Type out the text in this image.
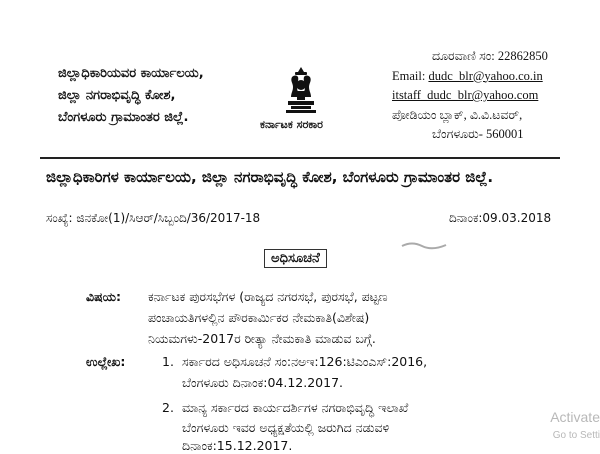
ಜಿಲ್ಲಾಧಿಕಾರಿಯವರ ಕಾರ್ಯಾಲಯ,
ಜಿಲ್ಲಾ ನಗರಾಭಿವೃದ್ಧಿ ಕೋಶ,
ಬೆಂಗಳೂರು ಗ್ರಾಮಾಂತರ ಜಿಲ್ಲೆ.	ಕರ್ನಾಟಕ ಸರಕಾರ
ದೂರವಾಣಿ ಸಂ: 22862850
Email: dudc_blr@yahoo.co.in
itstaff_dudc_blr@yahoo.com
ಪೋಡಿಯಂ ಬ್ಲಾಕ್, ವಿ.ವಿ.ಟವರ್,
ಬೆಂಗಳೂರು- 560001
ಜಿಲ್ಲಾಧಿಕಾರಿಗಳ ಕಾರ್ಯಾಲಯ, ಜಿಲ್ಲಾ ನಗರಾಭಿವೃದ್ಧಿ ಕೋಶ, ಬೆಂಗಳೂರು ಗ್ರಾಮಾಂತರ ಜಿಲ್ಲೆ.
ಸಂಖ್ಯೆ: ಜಿನಕೋ(1)/ಸಿಆರ್/ಸಿಬ್ಬಂದಿ/36/2017-18	ದಿನಾಂಕ:09.03.2018
ಅಧಿಸೂಚನೆ
ವಿಷಯ: ಕರ್ನಾಟಕ ಪುರಸಭೆಗಳ (ರಾಜ್ಯದ ನಗರಸಭೆ, ಪುರಸಭೆ, ಪಟ್ಟಣ
ಪಂಚಾಯತಿಗಳಲ್ಲಿನ ಪೌರಕಾರ್ಮಿಕರ ನೇಮಕಾತಿ(ವಿಶೇಷ)
ನಿಯಮಗಳು-2017ರ ರೀತ್ಯಾ ನೇಮಕಾತಿ ಮಾಡುವ ಬಗ್ಗೆ.
ಉಲ್ಲೇಖ:	1. ಸರ್ಕಾರದ ಅಧಿಸೂಚನೆ ಸಂ:ನಅಇ:126:ಟಿಎಂಎಸ್:2016,
ಬೆಂಗಳೂರು ದಿನಾಂಕ:04.12.2017.
2. ಮಾನ್ಯ ಸರ್ಕಾರದ ಕಾರ್ಯದರ್ಶಿಗಳ ನಗರಾಭಿವೃದ್ಧಿ ಇಲಾಖೆ
ಬೆಂಗಳೂರು ಇವರ ಅಧ್ಯಕ್ಷತೆಯಲ್ಲಿ ಜರುಗಿದ ನಡುವಳಿ
ದಿನಾಂಕ:15.12.2017.
Activate
Go to Setti
